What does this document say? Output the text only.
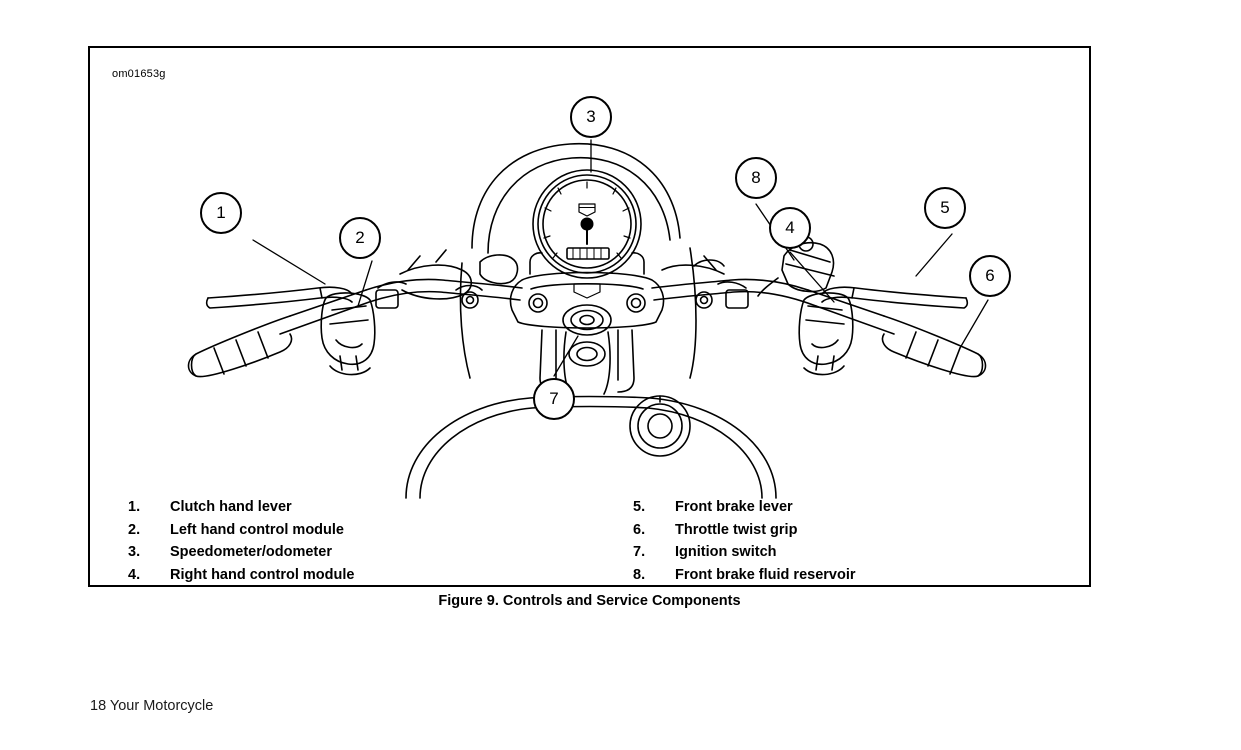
om01653g
1
2
3
4
5
6
7
8
1.	Clutch hand lever
2.	Left hand control module
3.	Speedometer/odometer
4.	Right hand control module
5.	Front brake lever
6.	Throttle twist grip
7.	Ignition switch
8.	Front brake fluid reservoir
Figure 9. Controls and Service Components
18 Your Motorcycle
